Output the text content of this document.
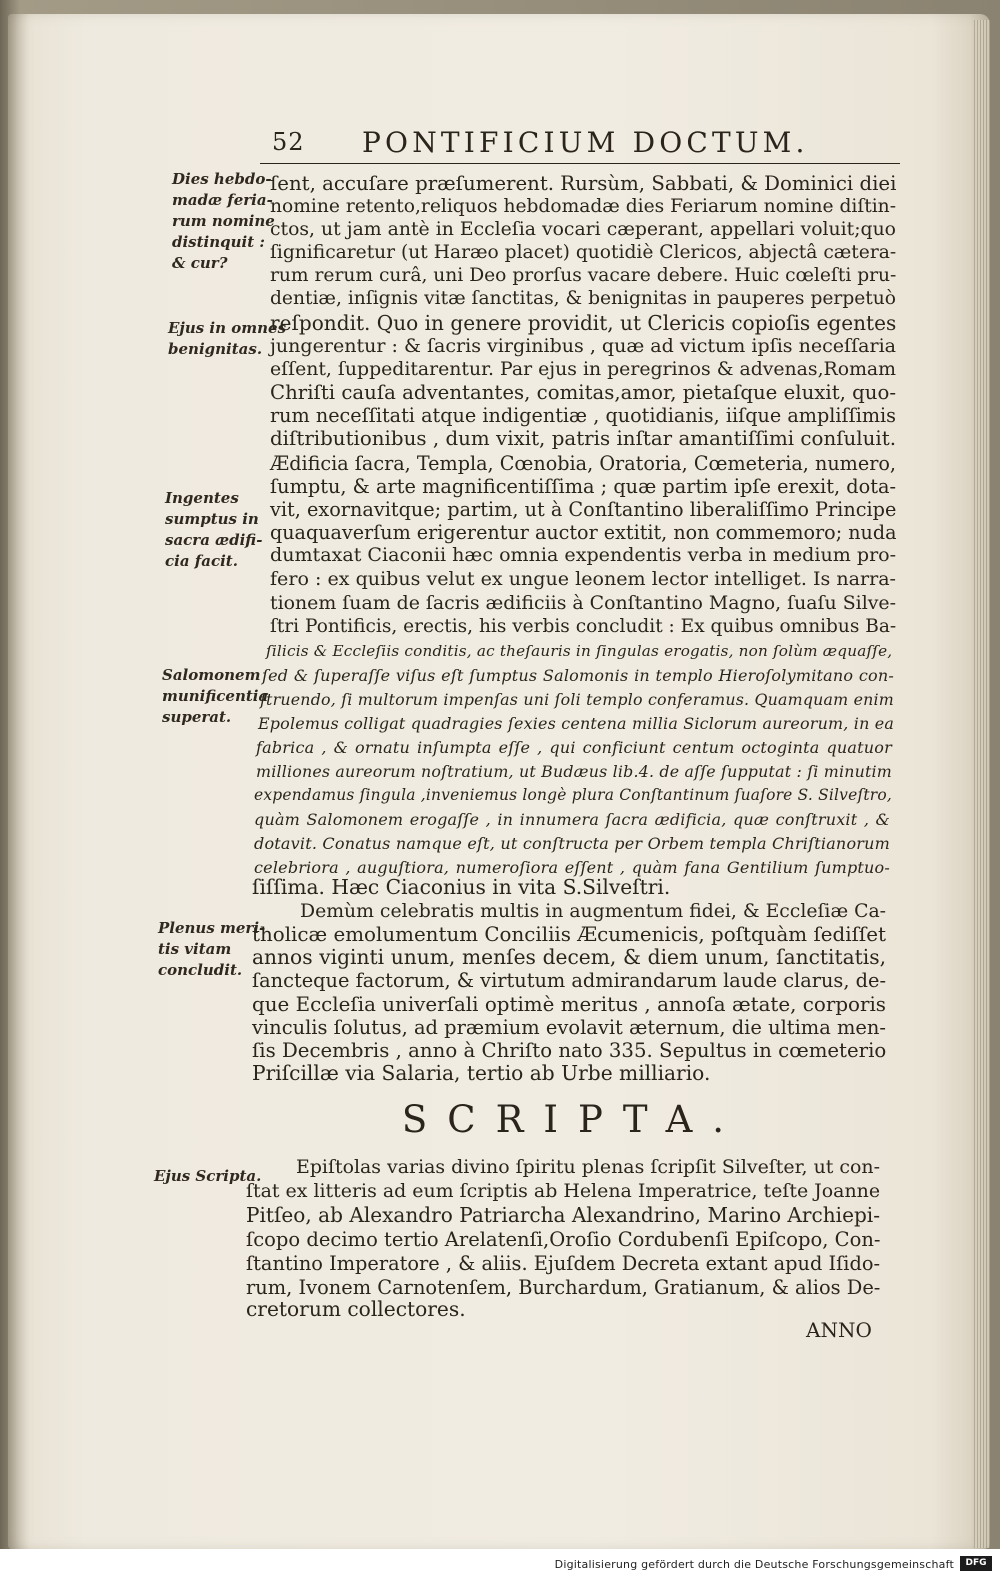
52 PONTIFICIUM DOCTUM.
Dies hebdo-
madæ feria-
rum nomine
distinquit :
& cur?
Ejus in omnes
benignitas.
Ingentes
sumptus in
sacra ædifi-
cia facit.
Salomonem
munificentia
superat.
Plenus meri-
tis vitam
concludit.
Ejus Scripta.
ſent, accuſare præſumerent. Rursùm, Sabbati, & Dominici diei
nomine retento,reliquos hebdomadæ dies Feriarum nomine diſtin-
ctos, ut jam antè in Eccleſia vocari cæperant, appellari voluit;quo
ſignificaretur (ut Haræo placet) quotidiè Clericos, abjectâ cætera-
rum rerum curâ, uni Deo prorſus vacare debere. Huic cœleſti pru-
dentiæ, inſignis vitæ ſanctitas, & benignitas in pauperes perpetuò
reſpondit. Quo in genere providit, ut Clericis copioſis egentes
jungerentur : & ſacris virginibus , quæ ad victum ipſis neceſſaria
eſſent, ſuppeditarentur. Par ejus in peregrinos & advenas,Romam
Chriſti cauſa adventantes, comitas,amor, pietaſque eluxit, quo-
rum neceſſitati atque indigentiæ , quotidianis, iiſque ampliſſimis
diſtributionibus , dum vixit, patris inſtar amantiſſimi conſuluit.
Ædificia ſacra, Templa, Cœnobia, Oratoria, Cœmeteria, numero,
ſumptu, & arte magnificentiſſima ; quæ partim ipſe erexit, dota-
vit, exornavitque; partim, ut à Conſtantino liberaliſſimo Principe
quaquaverſum erigerentur auctor extitit, non commemoro; nuda
dumtaxat Ciaconii hæc omnia expendentis verba in medium pro-
fero : ex quibus velut ex ungue leonem lector intelliget. Is narra-
tionem ſuam de ſacris ædificiis à Conſtantino Magno, ſuaſu Silve-
ſtri Pontificis, erectis, his verbis concludit : Ex quibus omnibus Ba-
ſilicis & Eccleſiis conditis, ac theſauris in ſingulas erogatis, non ſolùm æquaſſe,
ſed & ſuperaſſe viſus eſt ſumptus Salomonis in templo Hieroſolymitano con-
ſtruendo, ſi multorum impenſas uni ſoli templo conferamus. Quamquam enim
Epolemus colligat quadragies ſexies centena millia Siclorum aureorum, in ea
fabrica , & ornatu inſumpta eſſe , qui conficiunt centum octoginta quatuor
milliones aureorum noſtratium, ut Budæus lib.4. de aſſe ſupputat : ſi minutim
expendamus ſingula ,inveniemus longè plura Conſtantinum ſuaſore S. Silveſtro,
quàm Salomonem erogaſſe , in innumera ſacra ædificia, quæ conſtruxit , &
dotavit. Conatus namque eſt, ut conſtructa per Orbem templa Chriſtianorum
celebriora , auguſtiora, numeroſiora eſſent , quàm fana Gentilium ſumptuo-
ſiſſima. Hæc Ciaconius in vita S.Silveſtri.
Demùm celebratis multis in augmentum fidei, & Eccleſiæ Ca-
tholicæ emolumentum Conciliis Æcumenicis, poſtquàm ſediſſet
annos viginti unum, menſes decem, & diem unum, ſanctitatis,
ſancteque factorum, & virtutum admirandarum laude clarus, de-
que Eccleſia univerſali optimè meritus , annoſa ætate, corporis
vinculis ſolutus, ad præmium evolavit æternum, die ultima men-
ſis Decembris , anno à Chriſto nato 335. Sepultus in cœmeterio
Priſcillæ via Salaria, tertio ab Urbe milliario.
SCRIPTA.
Epiſtolas varias divino ſpiritu plenas ſcripſit Silveſter, ut con-
ſtat ex litteris ad eum ſcriptis ab Helena Imperatrice, teſte Joanne
Pitſeo, ab Alexandro Patriarcha Alexandrino, Marino Archiepi-
ſcopo decimo tertio Arelatenſi,Oroſio Cordubenſi Epiſcopo, Con-
ſtantino Imperatore , & aliis. Ejuſdem Decreta extant apud Iſido-
rum, Ivonem Carnotenſem, Burchardum, Gratianum, & alios De-
cretorum collectores.
ANNO
Digitalisierung gefördert durch die Deutsche Forschungsgemeinschaft	DFG
